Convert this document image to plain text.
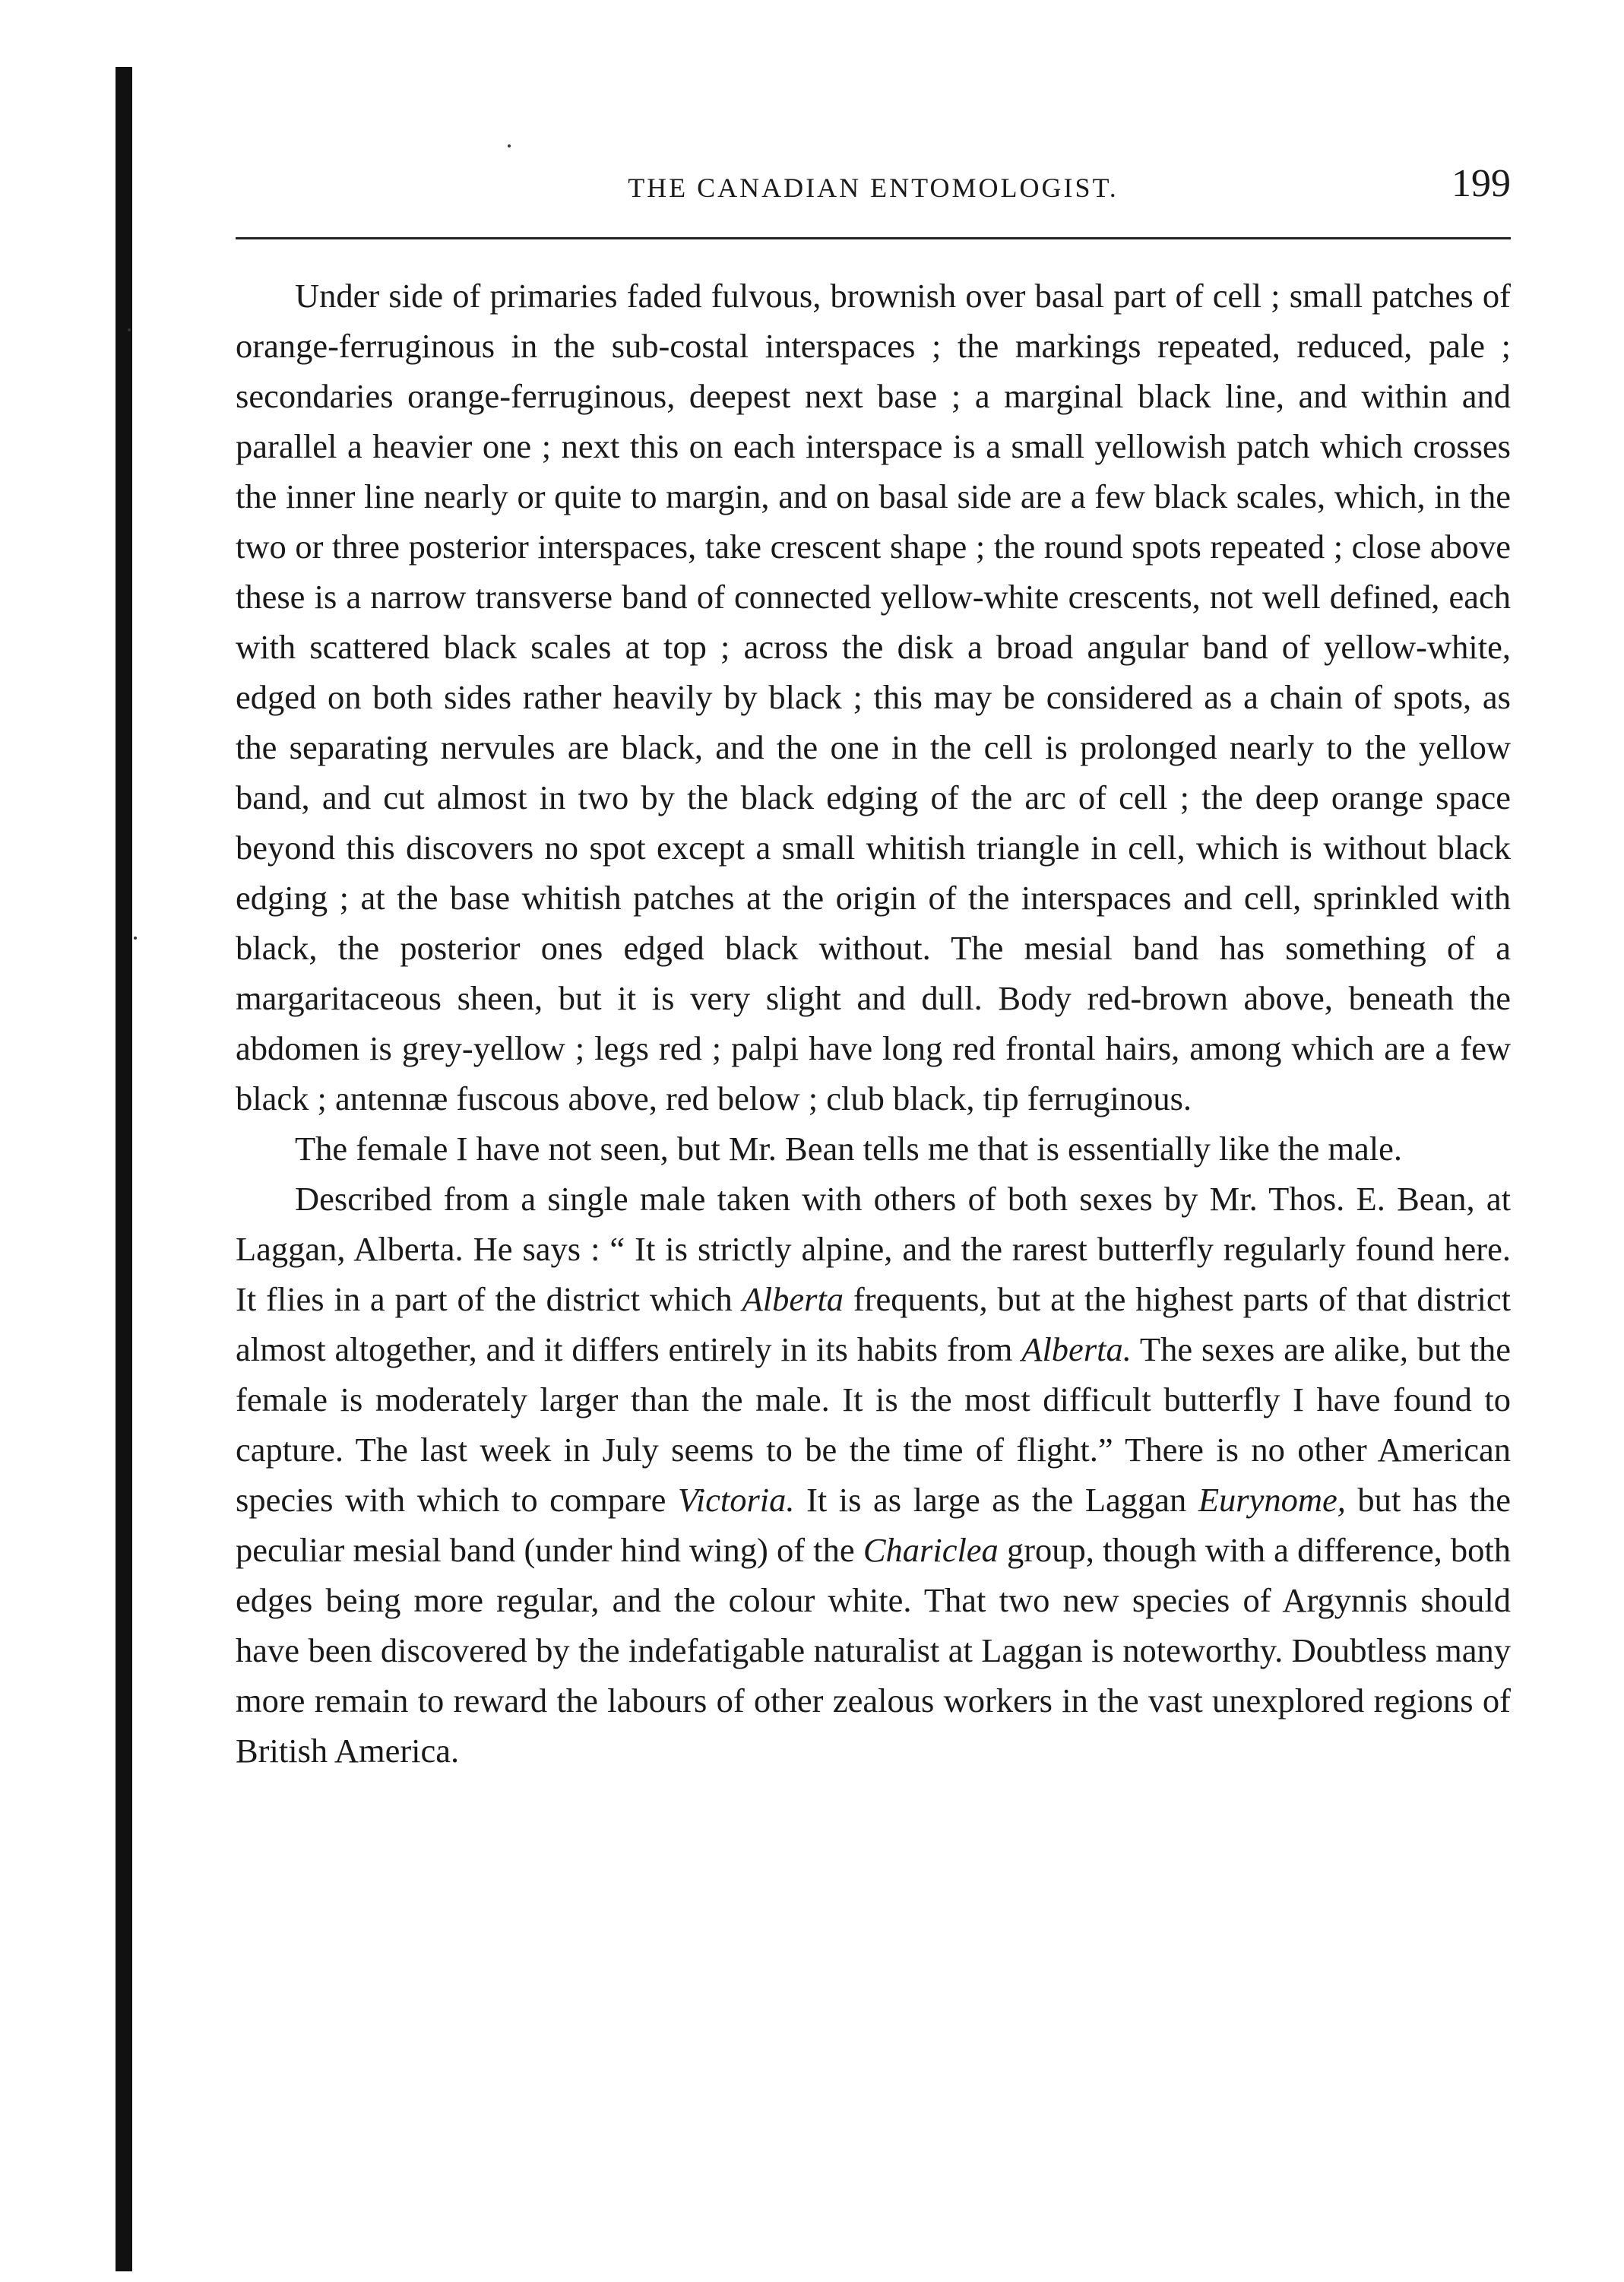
THE CANADIAN ENTOMOLOGIST.	199

Under side of primaries faded fulvous, brownish over basal part of cell ; small patches of orange-ferruginous in the sub-costal interspaces ; the markings repeated, reduced, pale ; secondaries orange-ferruginous, deepest next base ; a marginal black line, and within and parallel a heavier one ; next this on each interspace is a small yellowish patch which crosses the inner line nearly or quite to margin, and on basal side are a few black scales, which, in the two or three posterior interspaces, take crescent shape ; the round spots repeated ; close above these is a narrow transverse band of connected yellow-white crescents, not well defined, each with scattered black scales at top ; across the disk a broad angular band of yellow-white, edged on both sides rather heavily by black ; this may be considered as a chain of spots, as the separating nervules are black, and the one in the cell is prolonged nearly to the yellow band, and cut almost in two by the black edging of the arc of cell ; the deep orange space beyond this discovers no spot except a small whitish triangle in cell, which is without black edging ; at the base whitish patches at the origin of the interspaces and cell, sprinkled with black, the posterior ones edged black without. The mesial band has something of a margaritaceous sheen, but it is very slight and dull. Body red-brown above, beneath the abdomen is grey-yellow ; legs red ; palpi have long red frontal hairs, among which are a few black ; antennæ fuscous above, red below ; club black, tip ferruginous.

The female I have not seen, but Mr. Bean tells me that is essentially like the male.

Described from a single male taken with others of both sexes by Mr. Thos. E. Bean, at Laggan, Alberta. He says : “ It is strictly alpine, and the rarest butterfly regularly found here. It flies in a part of the district which Alberta frequents, but at the highest parts of that district almost altogether, and it differs entirely in its habits from Alberta. The sexes are alike, but the female is moderately larger than the male. It is the most difficult butterfly I have found to capture. The last week in July seems to be the time of flight.” There is no other American species with which to compare Victoria. It is as large as the Laggan Eurynome, but has the peculiar mesial band (under hind wing) of the Chariclea group, though with a difference, both edges being more regular, and the colour white. That two new species of Argynnis should have been discovered by the indefatigable naturalist at Laggan is noteworthy. Doubtless many more remain to reward the labours of other zealous workers in the vast unexplored regions of British America.
